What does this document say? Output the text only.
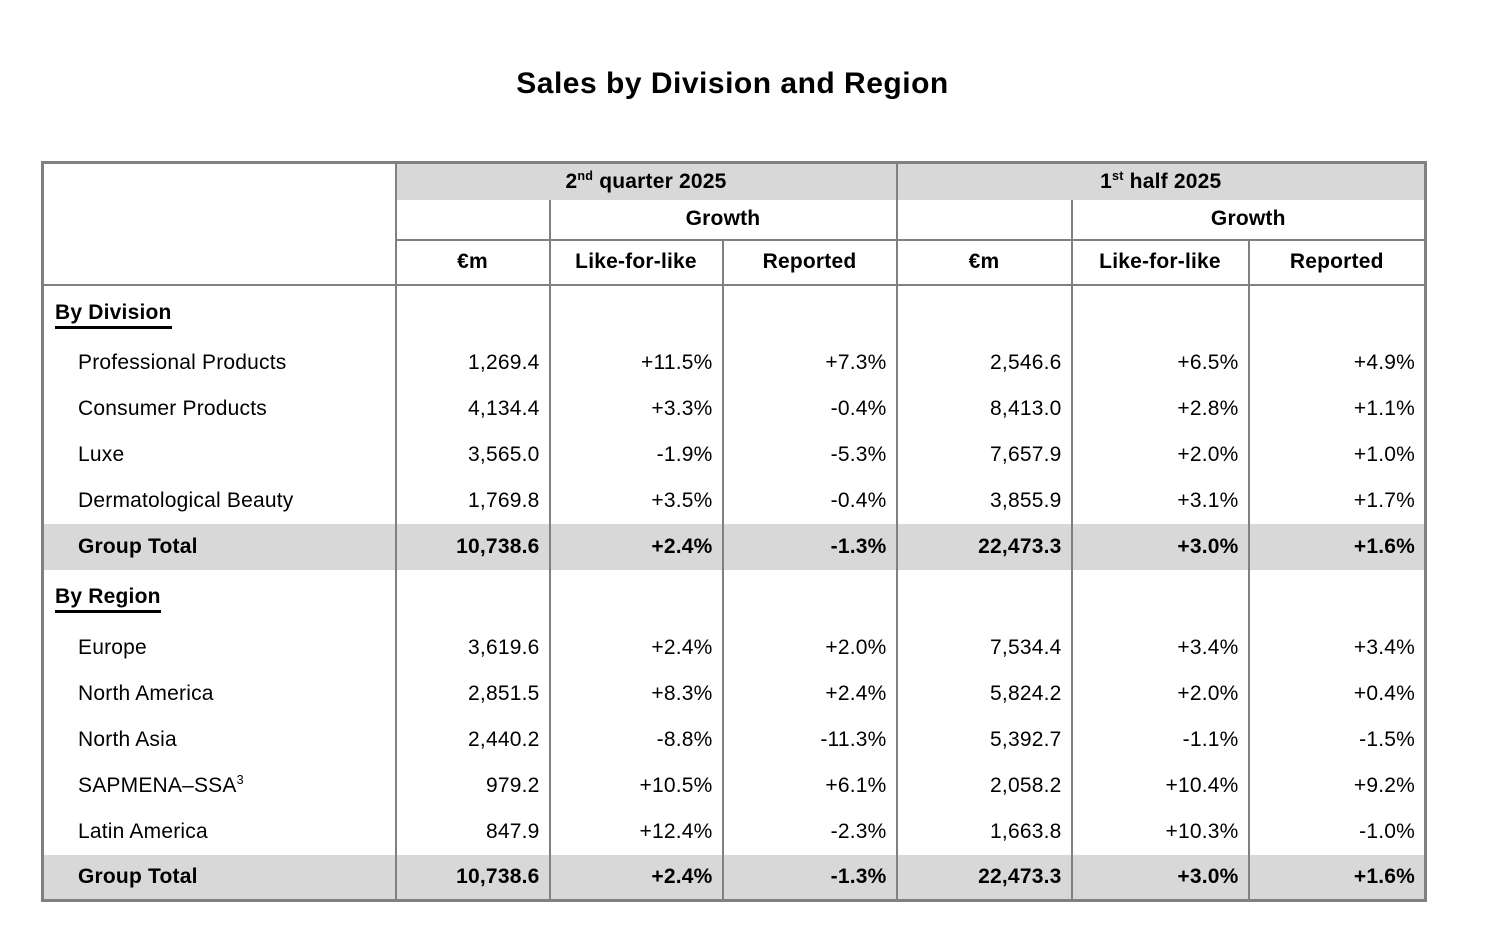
Sales by Division and Region
	2nd quarter 2025			1st half 2025		
		Growth			Growth	
	€m	Like-for-like	Reported	€m	Like-for-like	Reported
By Division						
Professional Products	1,269.4	+11.5%	+7.3%	2,546.6	+6.5%	+4.9%
Consumer Products	4,134.4	+3.3%	-0.4%	8,413.0	+2.8%	+1.1%
Luxe	3,565.0	-1.9%	-5.3%	7,657.9	+2.0%	+1.0%
Dermatological Beauty	1,769.8	+3.5%	-0.4%	3,855.9	+3.1%	+1.7%
Group Total	10,738.6	+2.4%	-1.3%	22,473.3	+3.0%	+1.6%
By Region						
Europe	3,619.6	+2.4%	+2.0%	7,534.4	+3.4%	+3.4%
North America	2,851.5	+8.3%	+2.4%	5,824.2	+2.0%	+0.4%
North Asia	2,440.2	-8.8%	-11.3%	5,392.7	-1.1%	-1.5%
SAPMENA–SSA$^3$	979.2	+10.5%	+6.1%	2,058.2	+10.4%	+9.2%
Latin America	847.9	+12.4%	-2.3%	1,663.8	+10.3%	-1.0%
Group Total	10,738.6	+2.4%	-1.3%	22,473.3	+3.0%	+1.6%
